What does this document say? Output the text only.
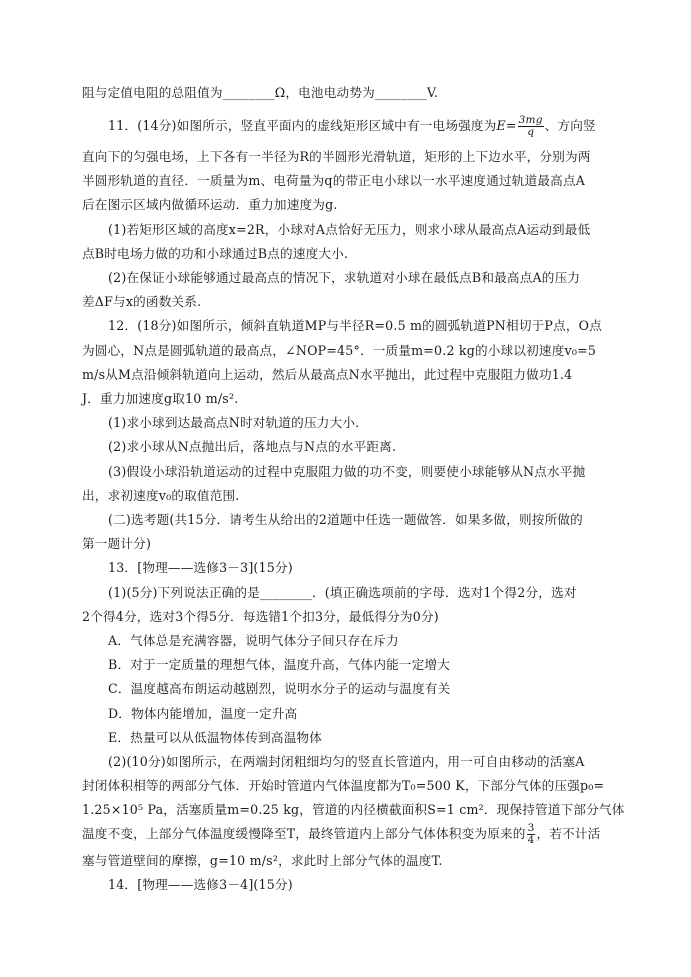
阻与定值电阻的总阻值为________Ω，电池电动势为________V.
11．(14分)如图所示，竖直平面内的虚线矩形区域中有一电场强度为$E= \frac{3mg}{q}$ 、方向竖
直向下的匀强电场，上下各有一半径为R的半圆形光滑轨道，矩形的上下边水平，分别为两
半圆形轨道的直径．一质量为m、电荷量为q的带正电小球以一水平速度通过轨道最高点A
后在图示区域内做循环运动．重力加速度为g.
(1)若矩形区域的高度x=2R，小球对A点恰好无压力，则求小球从最高点A运动到最低
点B时电场力做的功和小球通过B点的速度大小.
(2)在保证小球能够通过最高点的情况下，求轨道对小球在最低点B和最高点A的压力
差ΔF与x的函数关系.
12．(18分)如图所示，倾斜直轨道MP与半径R=0.5 m的圆弧轨道PN相切于P点，O点
为圆心，N点是圆弧轨道的最高点，∠NOP=45°．一质量m=0.2 kg的小球以初速度v₀=5
m/s从M点沿倾斜轨道向上运动，然后从最高点N水平抛出，此过程中克服阻力做功1.4
J．重力加速度g取10 m/s².
(1)求小球到达最高点N时对轨道的压力大小.
(2)求小球从N点抛出后，落地点与N点的水平距离.
(3)假设小球沿轨道运动的过程中克服阻力做的功不变，则要使小球能够从N点水平抛
出，求初速度v₀的取值范围.
(二)选考题(共15分．请考生从给出的2道题中任选一题做答．如果多做，则按所做的
第一题计分)
13．[物理——选修3－3](15分)
(1)(5分)下列说法正确的是________．(填正确选项前的字母．选对1个得2分，选对
2个得4分，选对3个得5分．每选错1个扣3分，最低得分为0分)
A．气体总是充满容器，说明气体分子间只存在斥力
B．对于一定质量的理想气体，温度升高，气体内能一定增大
C．温度越高布朗运动越剧烈，说明水分子的运动与温度有关
D．物体内能增加，温度一定升高
E．热量可以从低温物体传到高温物体
(2)(10分)如图所示，在两端封闭粗细均匀的竖直长管道内，用一可自由移动的活塞A
封闭体积相等的两部分气体．开始时管道内气体温度都为T₀=500 K，下部分气体的压强p₀=
1.25×10⁵ Pa，活塞质量m=0.25 kg，管道的内径横截面积S=1 cm²．现保持管道下部分气体
温度不变，上部分气体温度缓慢降至T，最终管道内上部分气体体积变为原来的 $\frac{3}{4}$ ，若不计活
塞与管道壁间的摩擦，g=10 m/s²，求此时上部分气体的温度T.
14．[物理——选修3－4](15分)
